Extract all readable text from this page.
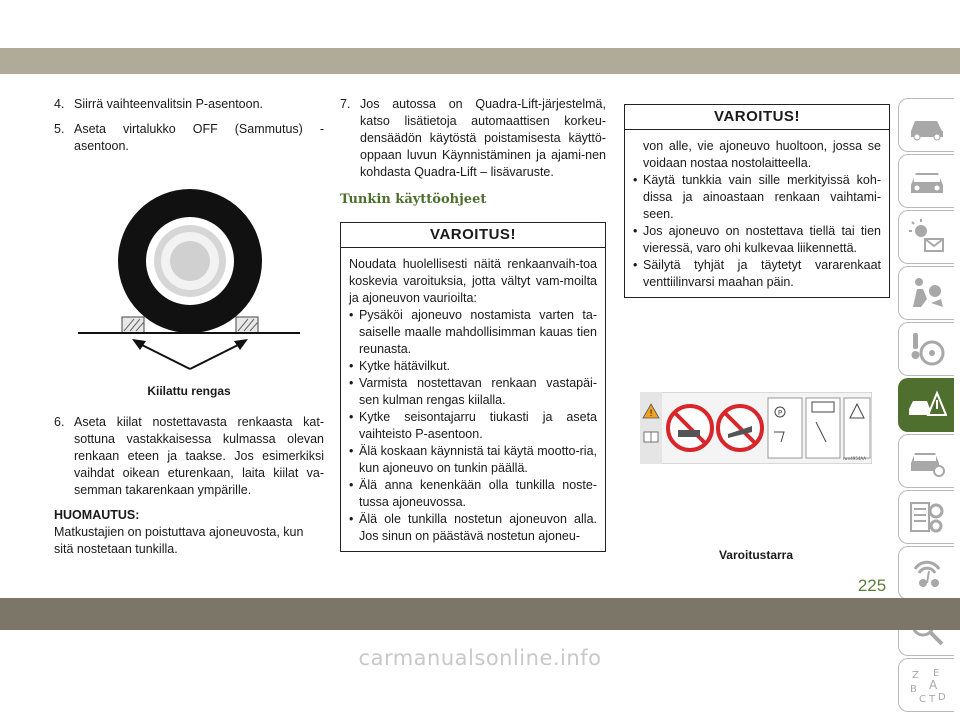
4. Siirrä vaihteenvalitsin P-asentoon.
5. Aseta virtalukko OFF (Sammutus) -asentoon.
Kiilattu rengas
6. Aseta kiilat nostettavasta renkaasta kat-sottuna vastakkaisessa kulmassa olevan renkaan eteen ja taakse. Jos esimerkiksi vaihdat oikean eturenkaan, laita kiilat va-semman takarenkaan ympärille.
HUOMAUTUS:
Matkustajien on poistuttava ajoneuvosta, kun sitä nostetaan tunkilla.
7. Jos autossa on Quadra-Lift-järjestelmä, katso lisätietoja automaattisen korkeu-densäädön käytöstä poistamisesta käyttö-oppaan luvun Käynnistäminen ja ajami-nen kohdasta Quadra-Lift – lisävaruste.
Tunkin käyttöohjeet
VAROITUS!
Noudata huolellisesti näitä renkaanvaih-toa koskevia varoituksia, jotta vältyt vam-moilta ja ajoneuvon vaurioilta:
• Pysäköi ajoneuvo nostamista varten ta-saiselle maalle mahdollisimman kauas tien reunasta.
• Kytke hätävilkut.
• Varmista nostettavan renkaan vastapäi-sen kulman rengas kiilalla.
• Kytke seisontajarru tiukasti ja aseta vaihteisto P-asentoon.
• Älä koskaan käynnistä tai käytä mootto-ria, kun ajoneuvo on tunkin päällä.
• Älä anna kenenkään olla tunkilla noste-tussa ajoneuvossa.
• Älä ole tunkilla nostetun ajoneuvon alla. Jos sinun on päästävä nostetun ajoneu-
VAROITUS!
von alle, vie ajoneuvo huoltoon, jossa se voidaan nostaa nostolaitteella.
• Käytä tunkkia vain sille merkityissä koh-dissa ja ainoastaan renkaan vaihtami-seen.
• Jos ajoneuvo on nostettava tiellä tai tien vieressä, varo ohi kulkevaa liikennettä.
• Säilytä tyhjät ja täytetyt vararenkaat venttiilinvarsi maahan päin.
!	P
rwn4954AA
Varoitustarra
Z E
A
B
C T D
225
carmanualsonline.info
